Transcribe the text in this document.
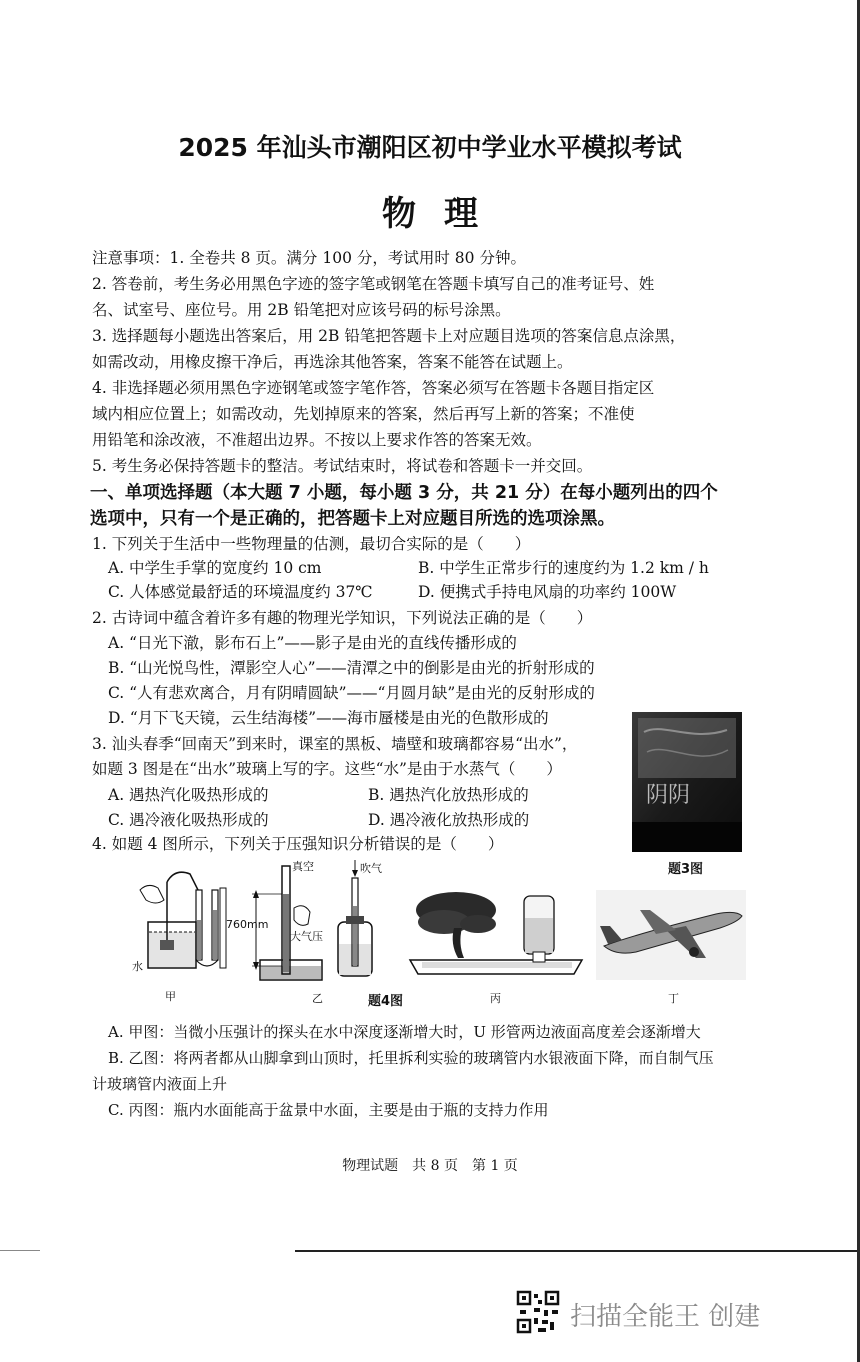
2025 年汕头市潮阳区初中学业水平模拟考试
物理
注意事项：1. 全卷共 8 页。满分 100 分，考试用时 80 分钟。
2. 答卷前，考生务必用黑色字迹的签字笔或钢笔在答题卡填写自己的准考证号、姓
名、试室号、座位号。用 2B 铅笔把对应该号码的标号涂黑。
3. 选择题每小题选出答案后，用 2B 铅笔把答题卡上对应题目选项的答案信息点涂黑，
如需改动，用橡皮擦干净后，再选涂其他答案，答案不能答在试题上。
4. 非选择题必须用黑色字迹钢笔或签字笔作答，答案必须写在答题卡各题目指定区
域内相应位置上；如需改动，先划掉原来的答案，然后再写上新的答案；不准使
用铅笔和涂改液，不准超出边界。不按以上要求作答的答案无效。
5. 考生务必保持答题卡的整洁。考试结束时，将试卷和答题卡一并交回。
一、单项选择题（本大题 7 小题，每小题 3 分，共 21 分）在每小题列出的四个
选项中，只有一个是正确的，把答题卡上对应题目所选的选项涂黑。
1. 下列关于生活中一些物理量的估测，最切合实际的是（　　）
A. 中学生手掌的宽度约 10 cm	B. 中学生正常步行的速度约为 1.2 km / h
C. 人体感觉最舒适的环境温度约 37℃	D. 便携式手持电风扇的功率约 100W
2. 古诗词中蕴含着许多有趣的物理光学知识，下列说法正确的是（　　）
A. “日光下澈，影布石上”——影子是由光的直线传播形成的
B. “山光悦鸟性，潭影空人心”——清潭之中的倒影是由光的折射形成的
C. “人有悲欢离合，月有阴晴圆缺”——“月圆月缺”是由光的反射形成的
D. “月下飞天镜，云生结海楼”——海市蜃楼是由光的色散形成的
3. 汕头春季“回南天”到来时，课室的黑板、墙壁和玻璃都容易“出水”，
如题 3 图是在“出水”玻璃上写的字。这些“水”是由于水蒸气（　　）
A. 遇热汽化吸热形成的	B. 遇热汽化放热形成的
C. 遇冷液化吸热形成的	D. 遇冷液化放热形成的
阴阴
题3图
4. 如题 4 图所示，下列关于压强知识分析错误的是（　　）
水
甲
真空
760mm
大气压
吹气
乙	题4图	丙	丁
A. 甲图：当微小压强计的探头在水中深度逐渐增大时，U 形管两边液面高度差会逐渐增大
B. 乙图：将两者都从山脚拿到山顶时，托里拆利实验的玻璃管内水银液面下降，而自制气压
计玻璃管内液面上升
C. 丙图：瓶内水面能高于盆景中水面，主要是由于瓶的支持力作用
物理试题　共 8 页　第 1 页
扫描全能王 创建
